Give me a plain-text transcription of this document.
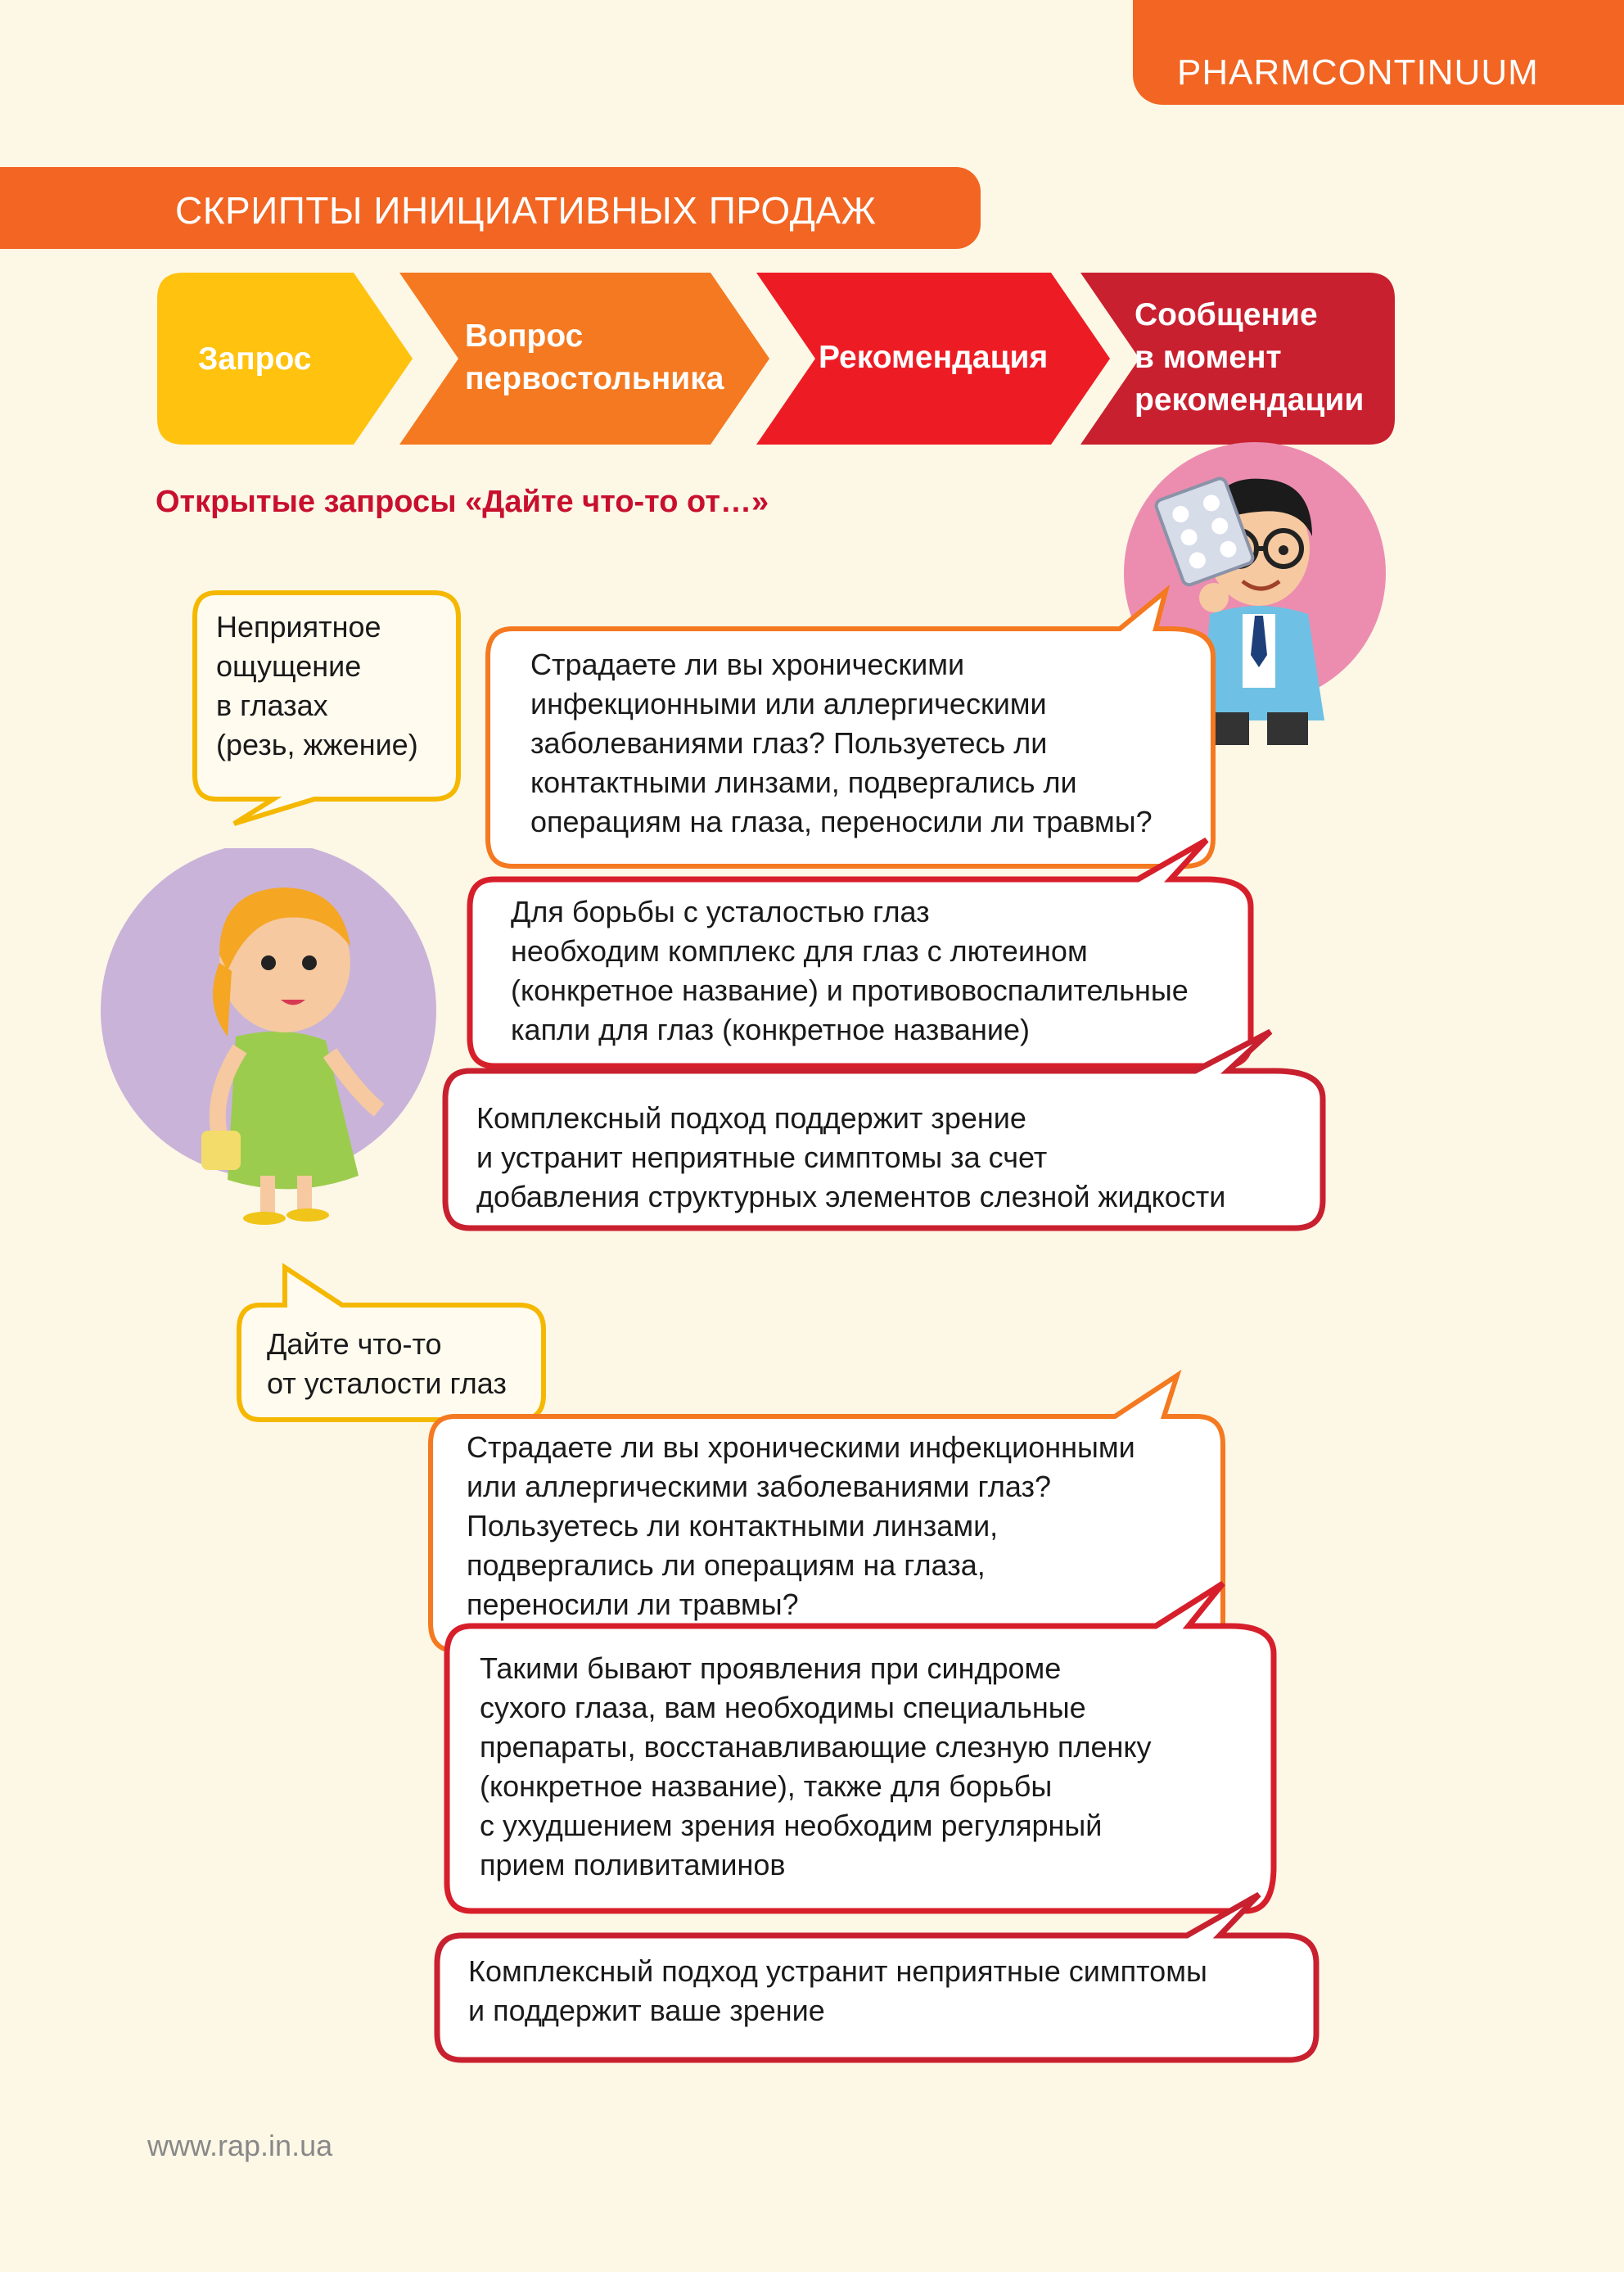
PHARMCONTINUUM
СКРИПТЫ ИНИЦИАТИВНЫХ ПРОДАЖ
Запрос
Вопрос
первостольника
Рекомендация
Сообщение
в момент
рекомендации
Открытые запросы «Дайте что-то от…»
Неприятное
ощущение
в глазах
(резь, жжение)
Страдаете ли вы хроническими
инфекционными или аллергическими
заболеваниями глаз? Пользуетесь ли
контактными линзами, подвергались ли
операциям на глаза, переносили ли травмы?
Для борьбы с усталостью глаз
необходим комплекс для глаз с лютеином
(конкретное название) и противовоспалительные
капли для глаз (конкретное название)
Комплексный подход поддержит зрение
и устранит неприятные симптомы за счет
добавления структурных элементов слезной жидкости
Дайте что-то
от усталости глаз
Страдаете ли вы хроническими инфекционными
или аллергическими заболеваниями глаз?
Пользуетесь ли контактными линзами,
подвергались ли операциям на глаза,
переносили ли травмы?
Такими бывают проявления при синдроме
сухого глаза, вам необходимы специальные
препараты, восстанавливающие слезную пленку
(конкретное название), также для борьбы
с ухудшением зрения необходим регулярный
прием поливитаминов
Комплексный подход устранит неприятные симптомы
и поддержит ваше зрение
www.rap.in.ua
